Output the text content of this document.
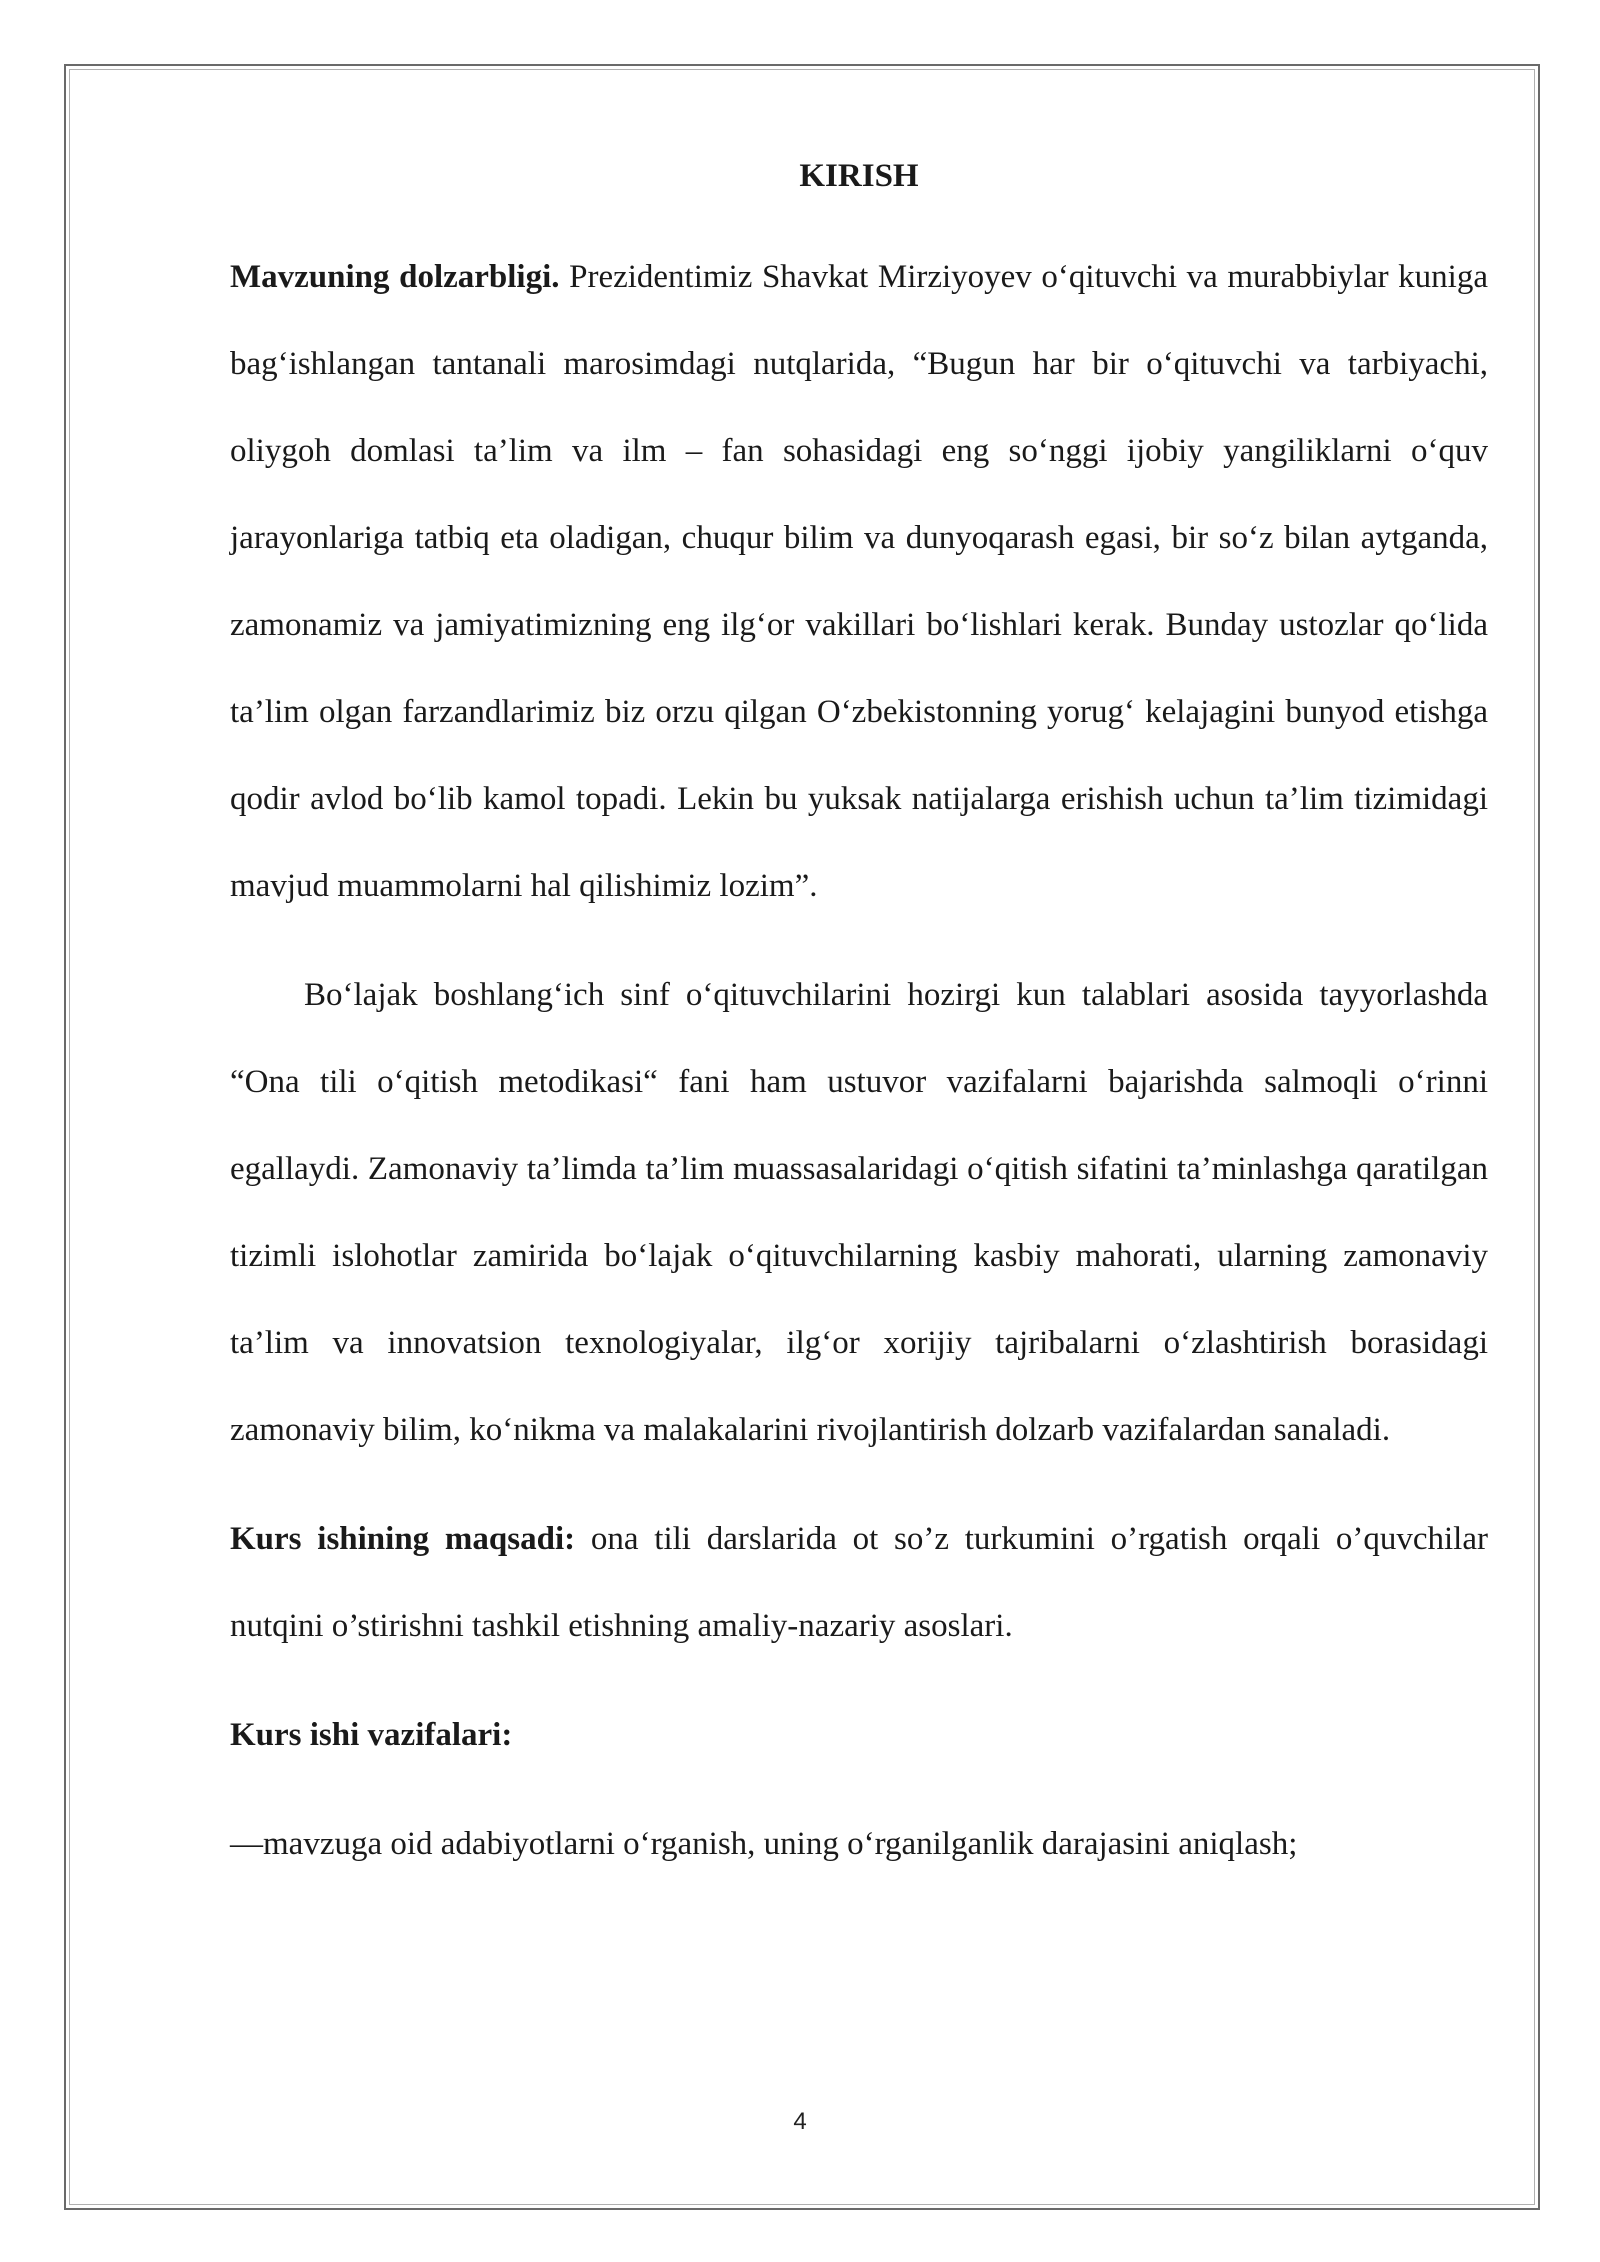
KIRISH

Mavzuning dolzarbligi. Prezidentimiz Shavkat Mirziyoyev oʻqituvchi va murabbiylar kuniga bagʻishlangan tantanali marosimdagi nutqlarida, “Bugun har bir oʻqituvchi va tarbiyachi, oliygoh domlasi ta’lim va ilm – fan sohasidagi eng soʻnggi ijobiy yangiliklarni oʻquv jarayonlariga tatbiq eta oladigan, chuqur bilim va dunyoqarash egasi, bir soʻz bilan aytganda, zamonamiz va jamiyatimizning eng ilgʻor vakillari boʻlishlari kerak. Bunday ustozlar qoʻlida ta’lim olgan farzandlarimiz biz orzu qilgan Oʻzbekistonning yorugʻ kelajagini bunyod etishga qodir avlod boʻlib kamol topadi. Lekin bu yuksak natijalarga erishish uchun ta’lim tizimidagi mavjud muammolarni hal qilishimiz lozim”.

Boʻlajak boshlangʻich sinf oʻqituvchilarini hozirgi kun talablari asosida tayyorlashda “Ona tili oʻqitish metodikasi“ fani ham ustuvor vazifalarni bajarishda salmoqli oʻrinni egallaydi. Zamonaviy ta’limda ta’lim muassasalaridagi oʻqitish sifatini ta’minlashga qaratilgan tizimli islohotlar zamirida boʻlajak oʻqituvchilarning kasbiy mahorati, ularning zamonaviy ta’lim va innovatsion texnologiyalar, ilgʻor xorijiy tajribalarni oʻzlashtirish borasidagi zamonaviy bilim, koʻnikma va malakalarini rivojlantirish dolzarb vazifalardan sanaladi.

Kurs ishining maqsadi: ona tili darslarida ot so’z turkumini o’rgatish orqali o’quvchilar nutqini o’stirishni tashkil etishning amaliy-nazariy asoslari.

Kurs ishi vazifalari:

—mavzuga oid adabiyotlarni oʻrganish, uning oʻrganilganlik darajasini aniqlash;

4
